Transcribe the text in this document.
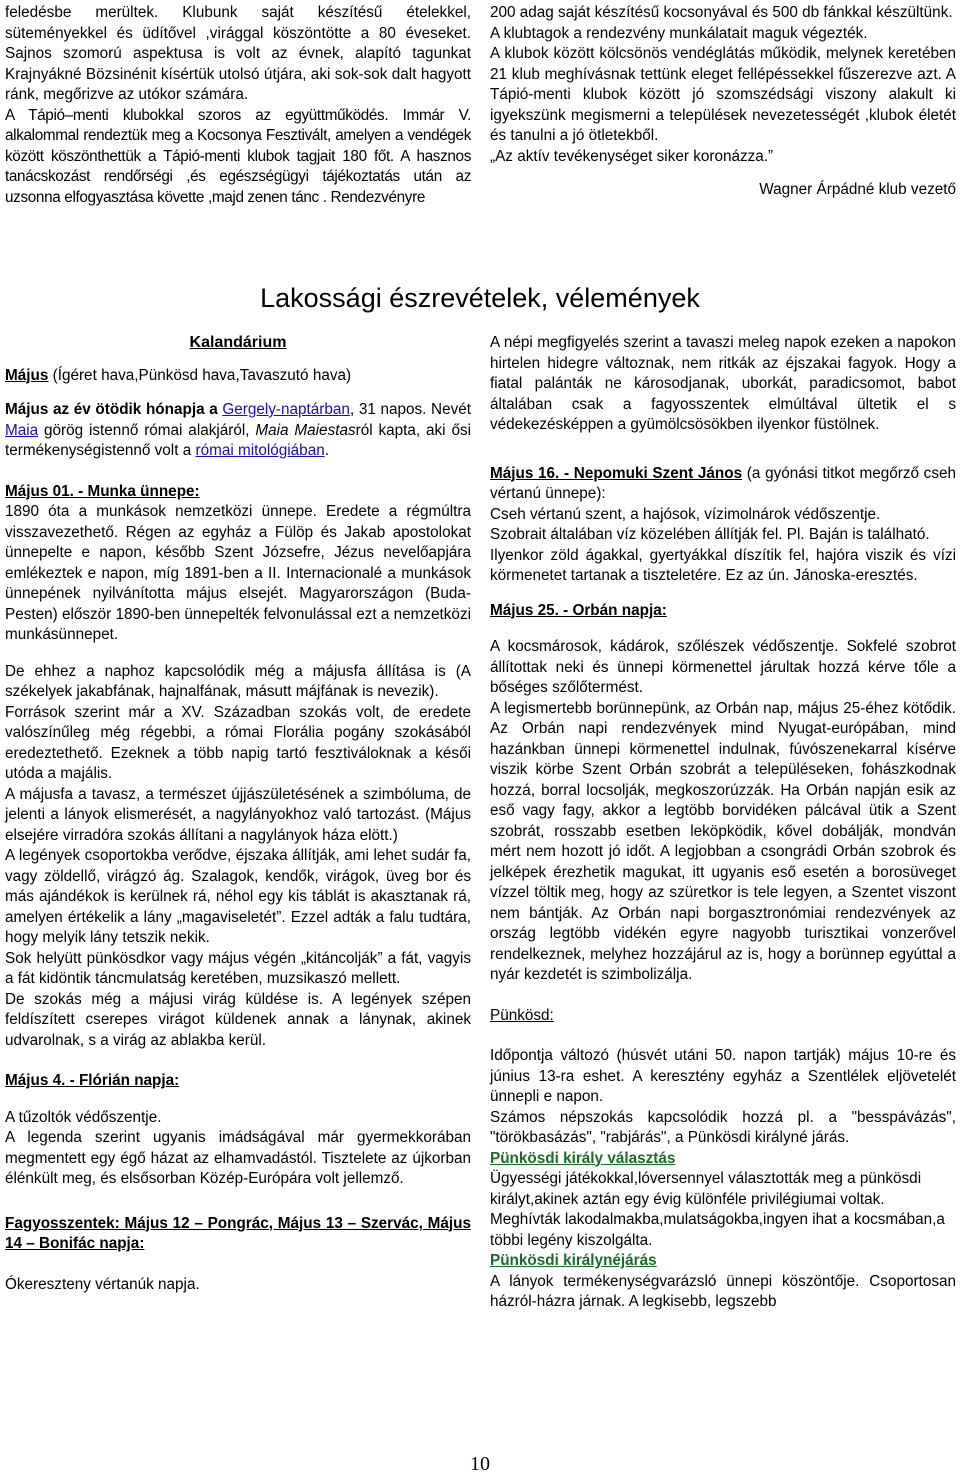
feledésbe merültek. Klubunk saját készítésű ételekkel, süteményekkel és üdítővel ,virággal köszöntötte a 80 éveseket. Sajnos szomorú aspektusa is volt az évnek, alapító tagunkat Krajnyákné Bözsinénit kísértük utolsó útjára, aki sok-sok dalt hagyott ránk, megőrizve az utókor számára.

A Tápió–menti klubokkal szoros az együttműködés. Immár V. alkalommal rendeztük meg a Kocsonya Fesztivált, amelyen a vendégek között köszönthettük a Tápió-menti klubok tagjait 180 főt. A hasznos tanácskozást rendőrségi ,és egészségügyi tájékoztatás után az uzsonna elfogyasztása követte ,majd zenen tánc . Rendezvényre

200 adag saját készítésű kocsonyával és 500 db fánkkal készültünk.

A klubtagok a rendezvény munkálatait maguk végezték.

A klubok között kölcsönös vendéglátás működik, melynek keretében 21 klub meghívásnak tettünk eleget fellépéssekkel fűszerezve azt. A Tápió-menti klubok között jó szomszédsági viszony alakult ki igyekszünk megismerni a települések nevezetességét ,klubok életét és tanulni a jó ötletekből.

„Az aktív tevékenységet siker koronázza.”

Wagner Árpádné klub vezető

Lakossági észrevételek, vélemények

Kalandárium

Május (Ígéret hava,Pünkösd hava,Tavaszutó hava)

Május az év ötödik hónapja a Gergely-naptárban, 31 napos. Nevét Maia görög istennő római alakjáról, Maia Maiestasról kapta, aki ősi termékenységistennő volt a római mitológiában.

Május 01. - Munka ünnepe:

1890 óta a munkások nemzetközi ünnepe. Eredete a régmúltra visszavezethető. Régen az egyház a Fülöp és Jakab apostolokat ünnepelte e napon, később Szent Józsefre, Jézus nevelőapjára emlékeztek e napon, míg 1891-ben a II. Internacionalé a munkások ünnepének nyilvánította május elsejét. Magyarországon (Buda-Pesten) először 1890-ben ünnepelték felvonulással ezt a nemzetközi munkásünnepet.

De ehhez a naphoz kapcsolódik még a májusfa állítása is (A székelyek jakabfának, hajnalfának, másutt májfának is nevezik).

Források szerint már a XV. Században szokás volt, de eredete valószínűleg még régebbi, a római Florália pogány szokásából eredeztethető. Ezeknek a több napig tartó fesztiváloknak a késői utóda a majális.

A májusfa a tavasz, a természet újjászületésének a szimbóluma, de jelenti a lányok elismerését, a nagylányokhoz való tartozást. (Május elsejére virradóra szokás állítani a nagylányok háza elött.)

A legények csoportokba verődve, éjszaka állítják, ami lehet sudár fa, vagy zöldellő, virágzó ág. Szalagok, kendők, virágok, üveg bor és más ajándékok is kerülnek rá, néhol egy kis táblát is akasztanak rá, amelyen értékelik a lány „magaviseletét”. Ezzel adták a falu tudtára, hogy melyik lány tetszik nekik.

Sok helyütt pünkösdkor vagy május végén „kitáncolják” a fát, vagyis a fát kidöntik táncmulatság keretében, muzsikaszó mellett.

De szokás még a májusi virág küldése is. A legények szépen feldíszített cserepes virágot küldenek annak a lánynak, akinek udvarolnak, s a virág az ablakba kerül.

Május 4. - Flórián napja:

A tűzoltók védőszentje.

A legenda szerint ugyanis imádságával már gyermekkorában megmentett egy égő házat az elhamvadástól. Tisztelete az újkorban élénkült meg, és elsősorban Közép-Európára volt jellemző.

Fagyosszentek: Május 12 – Pongrác, Május 13 – Szervác, Május 14 – Bonifác napja:

Ókereszteny vértanúk napja.

A népi megfigyelés szerint a tavaszi meleg napok ezeken a napokon hirtelen hidegre változnak, nem ritkák az éjszakai fagyok. Hogy a fiatal palánták ne károsodjanak, uborkát, paradicsomot, babot általában csak a fagyosszentek elmúltával ültetik el s védekezésképpen a gyümölcsösökben ilyenkor füstölnek.

Május 16. - Nepomuki Szent János (a gyónási titkot megőrző cseh vértanú ünnepe):

Cseh vértanú szent, a hajósok, vízimolnárok védőszentje.

Szobrait általában víz közelében állítják fel. Pl. Baján is található.

Ilyenkor zöld ágakkal, gyertyákkal díszítik fel, hajóra viszik és vízi körmenetet tartanak a tiszteletére. Ez az ún. Jánoska-eresztés.

Május 25. - Orbán napja:

A kocsmárosok, kádárok, szőlészek védőszentje. Sokfelé szobrot állítottak neki és ünnepi körmenettel járultak hozzá kérve tőle a bőséges szőlőtermést.

A legismertebb borünnepünk, az Orbán nap, május 25-éhez kötődik. Az Orbán napi rendezvények mind Nyugat-európában, mind hazánkban ünnepi körmenettel indulnak, fúvószenekarral kísérve viszik körbe Szent Orbán szobrát a településeken, fohászkodnak hozzá, borral locsolják, megkoszorúzzák. Ha Orbán napján esik az eső vagy fagy, akkor a legtöbb borvidéken pálcával ütik a Szent szobrát, rosszabb esetben leköpködik, kővel dobálják, mondván mért nem hozott jó időt. A legjobban a csongrádi Orbán szobrok és jelképek érezhetik magukat, itt ugyanis eső esetén a borosüveget vízzel töltik meg, hogy az szüretkor is tele legyen, a Szentet viszont nem bántják. Az Orbán napi borgasztronómiai rendezvények az ország legtöbb vidékén egyre nagyobb turisztikai vonzerővel rendelkeznek, melyhez hozzájárul az is, hogy a borünnep egyúttal a nyár kezdetét is szimbolizálja.

Pünkösd:

Időpontja változó (húsvét utáni 50. napon tartják) május 10-re és június 13-ra eshet. A keresztény egyház a Szentlélek eljövetelét ünnepli e napon.

Számos népszokás kapcsolódik hozzá pl. a "besspávázás", "törökbasázás", "rabjárás", a Pünkösdi királyné járás.

Pünkösdi király választás

Ügyességi játékokkal,lóversennyel választották meg a pünkösdi királyt,akinek aztán egy évig különféle privilégiumai voltak. Meghívták lakodalmakba,mulatságokba,ingyen ihat a kocsmában,a többi legény kiszolgálta.

Pünkösdi királynéjárás

A lányok termékenységvarázsló ünnepi köszöntője. Csoportosan házról-házra járnak. A legkisebb, legszebb

10
